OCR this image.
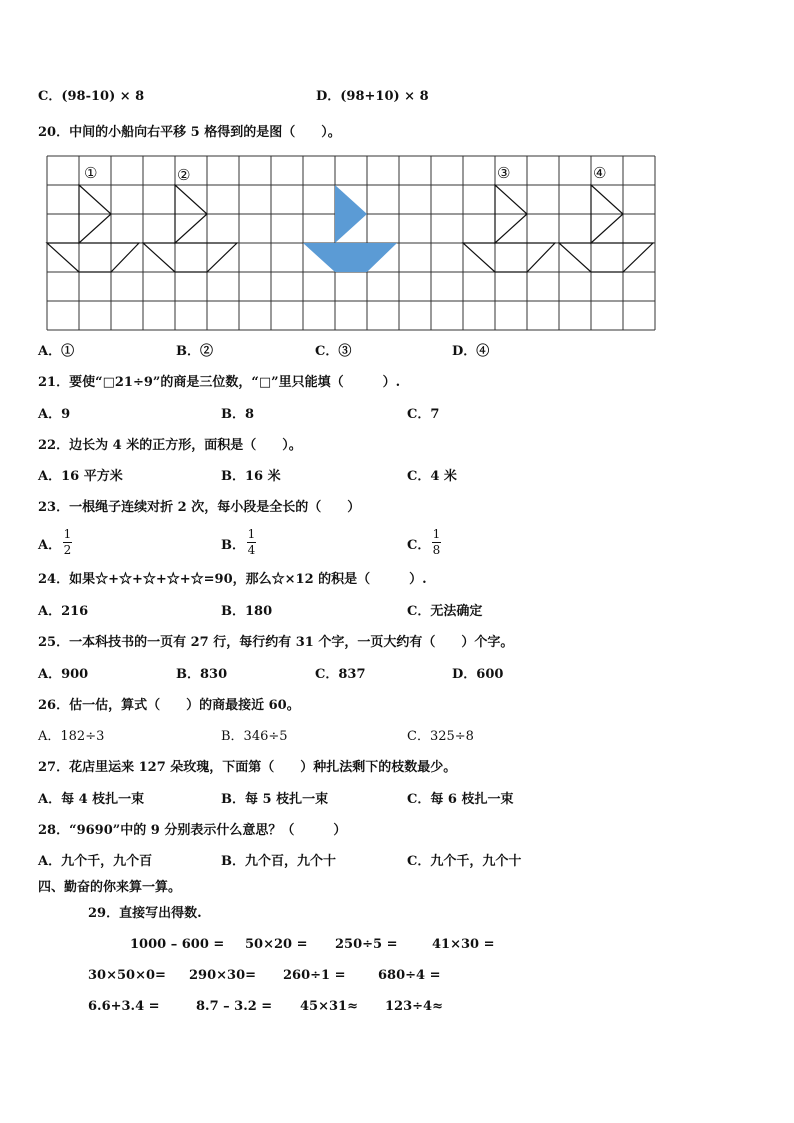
C．(98-10) × 8	D．(98+10) × 8
20．中间的小船向右平移 5 格得到的是图（　　）。
①	②	③	④
A．①	B．②	C．③	D．④
21．要使“□21÷9”的商是三位数，“□”里只能填（　　　）.
A．9	B．8	C．7
22．边长为 4 米的正方形，面积是（　　）。
A．16 平方米	B．16 米	C．4 米
23．一根绳子连续对折 2 次，每小段是全长的（　　）
A．
1
2	B．
1
4	C．
1
8
24．如果☆+☆+☆+☆+☆=90，那么☆×12 的积是（　　　）.
A．216	B．180	C．无法确定
25．一本科技书的一页有 27 行，每行约有 31 个字，一页大约有（　　）个字。
A．900	B．830	C．837	D．600
26．估一估，算式（　　）的商最接近 60。
A．182÷3	B．346÷5	C．325÷8
27．花店里运来 127 朵玫瑰，下面第（　　）种扎法剩下的枝数最少。
A．每 4 枝扎一束	B．每 5 枝扎一束	C．每 6 枝扎一束
28．“9690”中的 9 分别表示什么意思？（　　　）
A．九个千，九个百	B．九个百，九个十	C．九个千，九个十
四、勤奋的你来算一算。
29．直接写出得数.
1000 – 600 = 50×20 = 250÷5 =	41×30 =
30×50×0= 290×30= 260÷1 =	680÷4 =
6.6+3.4 =	8.7 – 3.2 = 45×31≈ 123÷4≈
